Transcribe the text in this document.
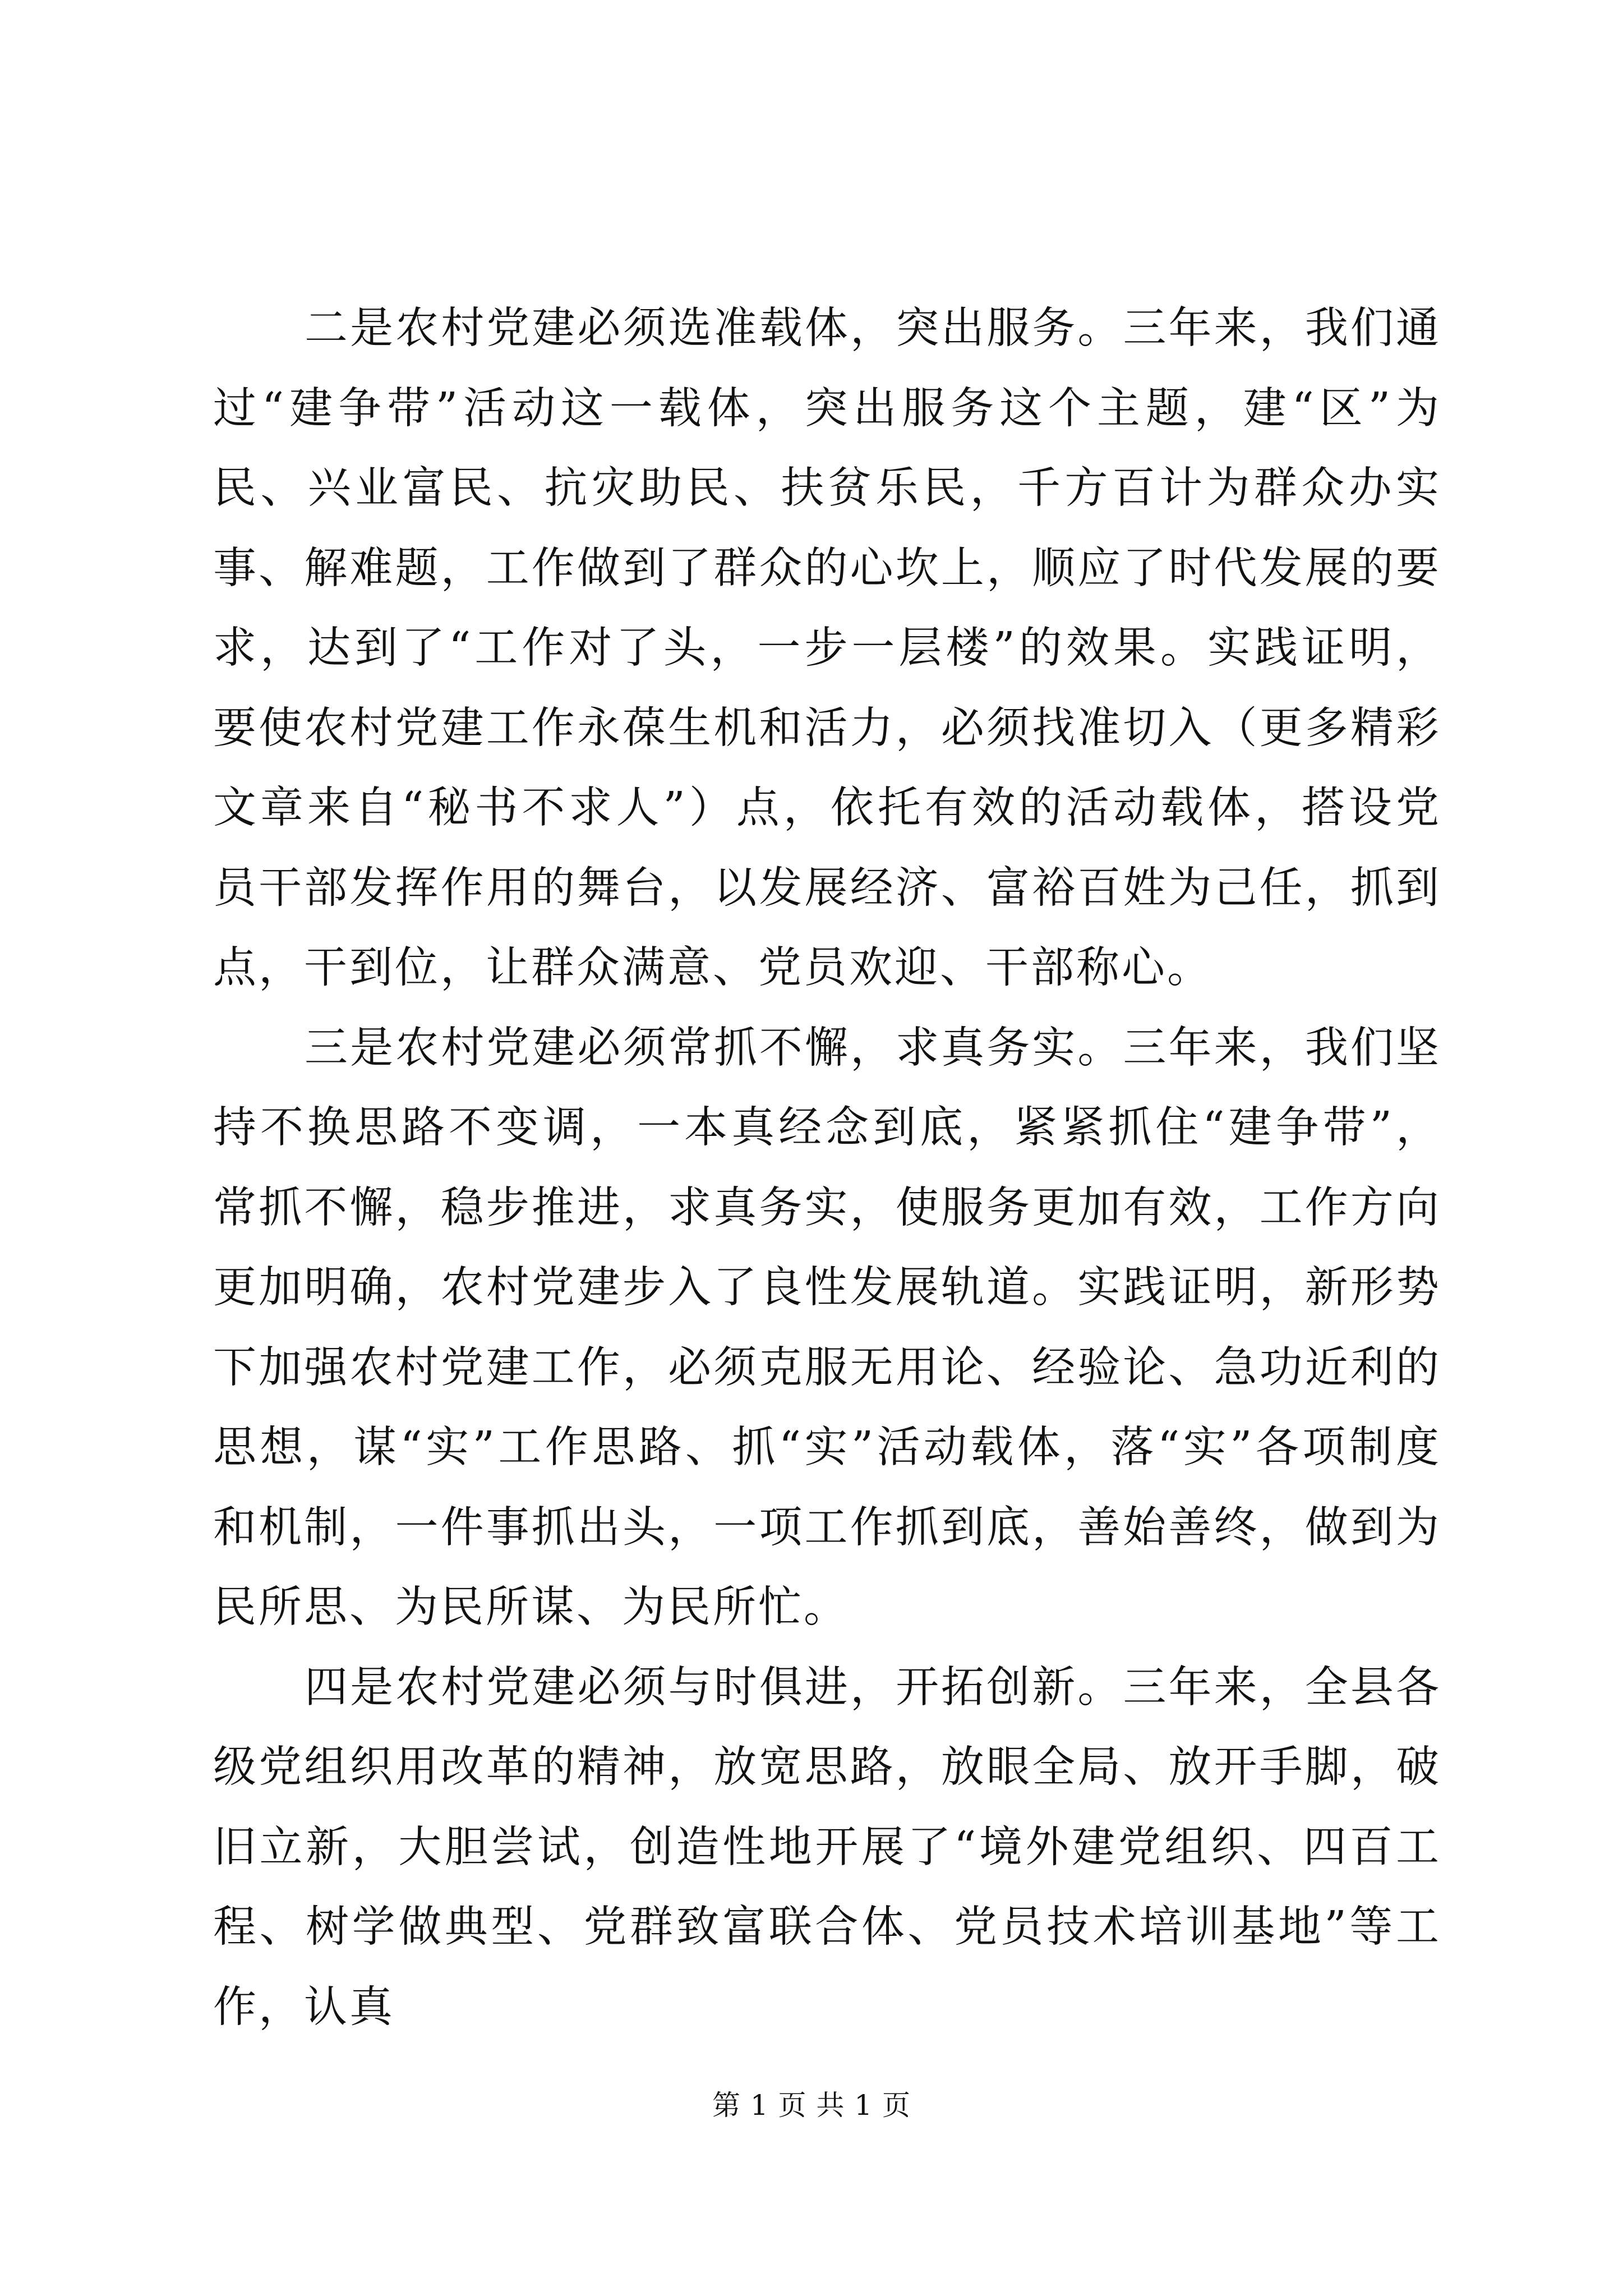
二是农村党建必须选准载体，突出服务。三年来，我们通过“建争带”活动这一载体，突出服务这个主题，建“区”为民、兴业富民、抗灾助民、扶贫乐民，千方百计为群众办实事、解难题，工作做到了群众的心坎上，顺应了时代发展的要求，达到了“工作对了头，一步一层楼”的效果。实践证明，要使农村党建工作永葆生机和活力，必须找准切入（更多精彩文章来自“秘书不求人”）点，依托有效的活动载体，搭设党员干部发挥作用的舞台，以发展经济、富裕百姓为己任，抓到点，干到位，让群众满意、党员欢迎、干部称心。

三是农村党建必须常抓不懈，求真务实。三年来，我们坚持不换思路不变调，一本真经念到底，紧紧抓住“建争带”，常抓不懈，稳步推进，求真务实，使服务更加有效，工作方向更加明确，农村党建步入了良性发展轨道。实践证明，新形势下加强农村党建工作，必须克服无用论、经验论、急功近利的思想，谋“实”工作思路、抓“实”活动载体，落“实”各项制度和机制，一件事抓出头，一项工作抓到底，善始善终，做到为民所思、为民所谋、为民所忙。

四是农村党建必须与时俱进，开拓创新。三年来，全县各级党组织用改革的精神，放宽思路，放眼全局、放开手脚，破旧立新，大胆尝试，创造性地开展了“境外建党组织、四百工程、树学做典型、党群致富联合体、党员技术培训基地”等工作，认真

第 1 页 共 1 页
